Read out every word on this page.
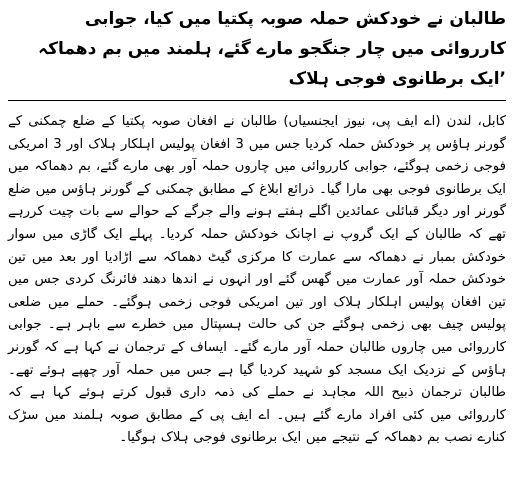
طالبان نے خودکش حملہ صوبہ پکتیا میں کیا، جوابی کارروائی میں چار جنگجو مارے گئے، ہلمند میں بم دھماکہ ’ایک برطانوی فوجی ہلاک

کابل، لندن (اے ایف پی، نیوز ایجنسیاں) طالبان نے افغان صوبہ پکتیا کے ضلع چمکنی کے گورنر ہاؤس پر خودکش حملہ کردیا جس میں 3 افغان پولیس اہلکار ہلاک اور 3 امریکی فوجی زخمی ہوگئے، جوابی کارروائی میں چاروں حملہ آور بھی مارے گئے، بم دھماکہ میں ایک برطانوی فوجی بھی مارا گیا۔ ذرائع ابلاغ کے مطابق چمکنی کے گورنر ہاؤس میں ضلع گورنر اور دیگر قبائلی عمائدین اگلے ہفتے ہونے والے جرگے کے حوالے سے بات چیت کررہے تھے کہ طالبان کے ایک گروپ نے اچانک خودکش حملہ کردیا۔ پہلے ایک گاڑی میں سوار خودکش بمبار نے دھماکہ سے عمارت کا مرکزی گیٹ دھماکہ سے اڑادیا اور بعد میں تین خودکش حملہ آور عمارت میں گھس گئے اور انہوں نے اندھا دھند فائرنگ کردی جس میں تین افغان پولیس اہلکار ہلاک اور تین امریکی فوجی زخمی ہوگئے۔ حملے میں ضلعی پولیس چیف بھی زخمی ہوگئے جن کی حالت ہسپتال میں خطرے سے باہر ہے۔ جوابی کارروائی میں چاروں طالبان حملہ آور مارے گئے۔ ایساف کے ترجمان نے کہا ہے کہ گورنر ہاؤس کے نزدیک ایک مسجد کو شہید کردیا گیا ہے جس میں حملہ آور چھپے ہوئے تھے۔ طالبان ترجمان ذبیح اللہ مجاہد نے حملے کی ذمہ داری قبول کرتے ہوئے کہا ہے کہ کارروائی میں کئی افراد مارے گئے ہیں۔ اے ایف پی کے مطابق صوبہ ہلمند میں سڑک کنارے نصب بم دھماکہ کے نتیجے میں ایک برطانوی فوجی ہلاک ہوگیا۔
